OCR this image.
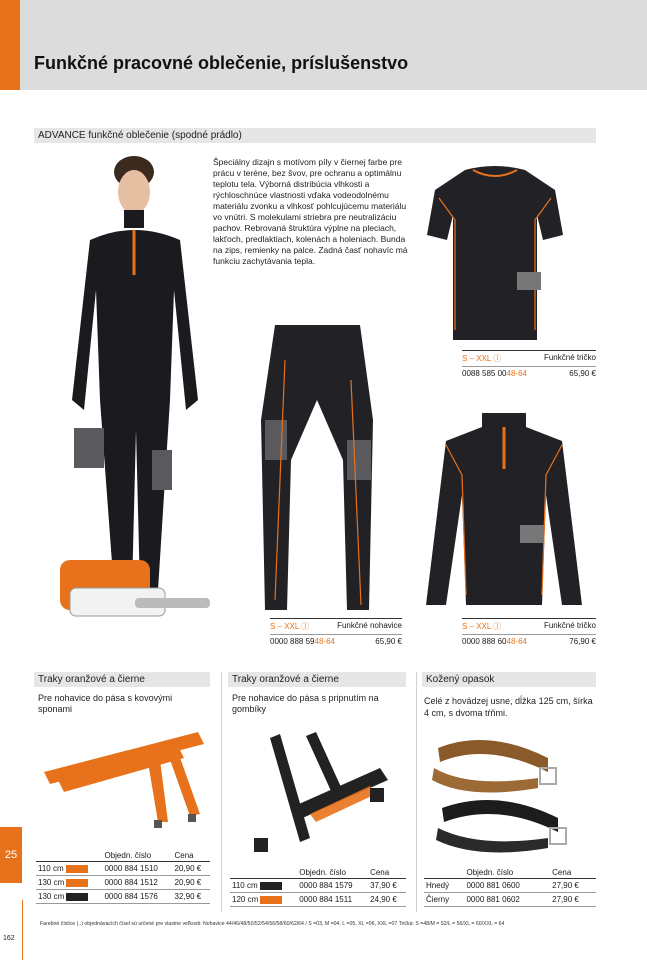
Funkčné pracovné oblečenie, príslušenstvo
ADVANCE funkčné oblečenie (spodné prádlo)
Špeciálny dizajn s motívom píly v čiernej farbe pre prácu v teréne, bez švov, pre ochranu a optimálnu teplotu tela. Výborná distribúcia vlhkosti a rýchloschnúce vlastnosti vďaka vodeodolnému materiálu zvonku a vlhkosť pohlcujúcemu materiálu vo vnútri. S molekulami striebra pre neutralizáciu pachov. Rebrovaná štruktúra výplne na pleciach, lakťoch, predlaktiach, kolenách a holeniach. Bunda na zips, remienky na palce. Zadná časť nohavíc má funkciu zachytávania tepla.
S – XXL Ⓘ	Funkčné tričko
0088 585 0048-64	65,90 €
S – XXL Ⓘ	Funkčné nohavice
0000 888 5948-64	65,90 €
S – XXL Ⓘ	Funkčné tričko
0000 888 6048-64	76,90 €
Traky oranžové a čierne
Pre nohavice do pása s kovovými sponami
	Objedn. číslo	Cena
110 cm	0000 884 1510	20,90 €
130 cm	0000 884 1512	20,90 €
130 cm	0000 884 1576	32,90 €
Traky oranžové a čierne
Pre nohavice do pása s pripnutím na gombíky
	Objedn. číslo	Cena
110 cm	0000 884 1579	37,90 €
120 cm	0000 884 1511	24,90 €
Kožený opasok
Celé z hovädzej usne, dĺžka 125 cm, šírka 4 cm, s dvoma tŕňmi.
	Objedn. číslo	Cena
Hnedý	0000 881 0600	27,90 €
Čierny	0000 881 0602	27,90 €
25
Farebné číslice (..) objednávacích čísel sú určené pre vlastne veľkosti: Nohavice 44/46/48/50/52/54/56/58/60/62/64 / S =03, M =04, L =05, XL =06, XXL =07 Tričká: S =48/M = 52/L = 56/XL = 60/XXL = 64
162
